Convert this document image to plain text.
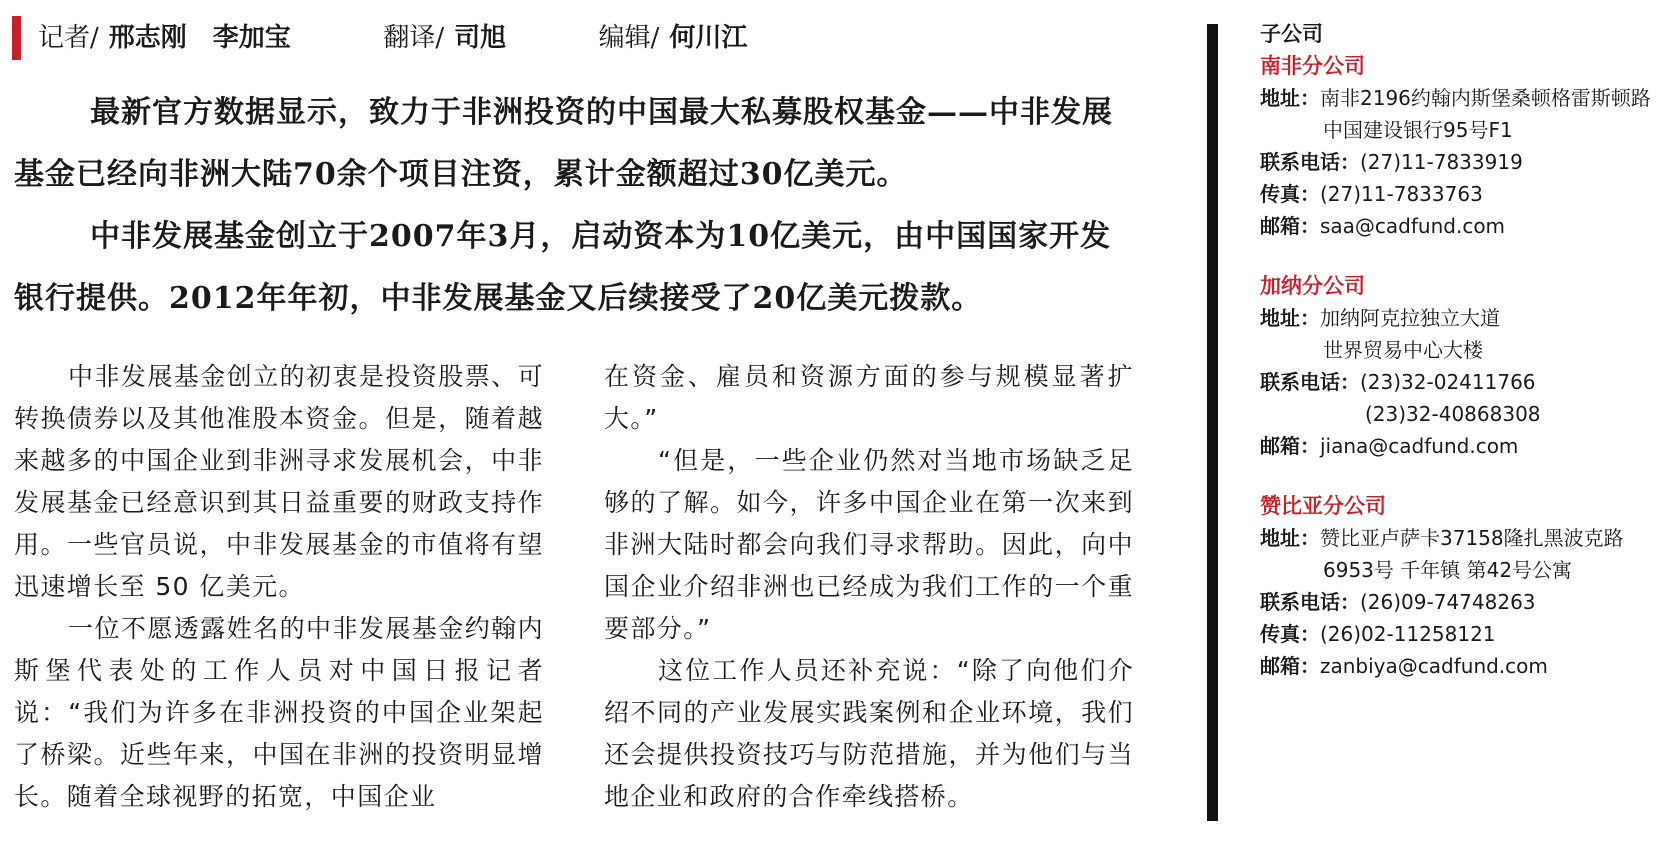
记者/ 邢志刚　李加宝	翻译/ 司旭	编辑/ 何川江

最新官方数据显示，致力于非洲投资的中国最大私募股权基金——中非发展基金已经向非洲大陆70余个项目注资，累计金额超过30亿美元。

中非发展基金创立于2007年3月，启动资本为10亿美元，由中国国家开发银行提供。2012年年初，中非发展基金又后续接受了20亿美元拨款。

中非发展基金创立的初衷是投资股票、可转换债券以及其他准股本资金。但是，随着越来越多的中国企业到非洲寻求发展机会，中非发展基金已经意识到其日益重要的财政支持作用。一些官员说，中非发展基金的市值将有望迅速增长至 50 亿美元。

一位不愿透露姓名的中非发展基金约翰内斯堡代表处的工作人员对中国日报记者说：“我们为许多在非洲投资的中国企业架起了桥梁。近些年来，中国在非洲的投资明显增长。随着全球视野的拓宽，中国企业

在资金、雇员和资源方面的参与规模显著扩大。”

“但是，一些企业仍然对当地市场缺乏足够的了解。如今，许多中国企业在第一次来到非洲大陆时都会向我们寻求帮助。因此，向中国企业介绍非洲也已经成为我们工作的一个重要部分。”

这位工作人员还补充说：“除了向他们介绍不同的产业发展实践案例和企业环境，我们还会提供投资技巧与防范措施，并为他们与当地企业和政府的合作牵线搭桥。

子公司
南非分公司
地址：南非2196约翰内斯堡桑顿格雷斯顿路
中国建设银行95号F1
联系电话：(27)11-7833919
传真：(27)11-7833763
邮箱：saa@cadfund.com
加纳分公司
地址：加纳阿克拉独立大道
世界贸易中心大楼
联系电话：(23)32-02411766
(23)32-40868308
邮箱：jiana@cadfund.com
赞比亚分公司
地址：赞比亚卢萨卡37158隆扎黑波克路
6953号 千年镇 第42号公寓
联系电话：(26)09-74748263
传真：(26)02-11258121
邮箱：zanbiya@cadfund.com
